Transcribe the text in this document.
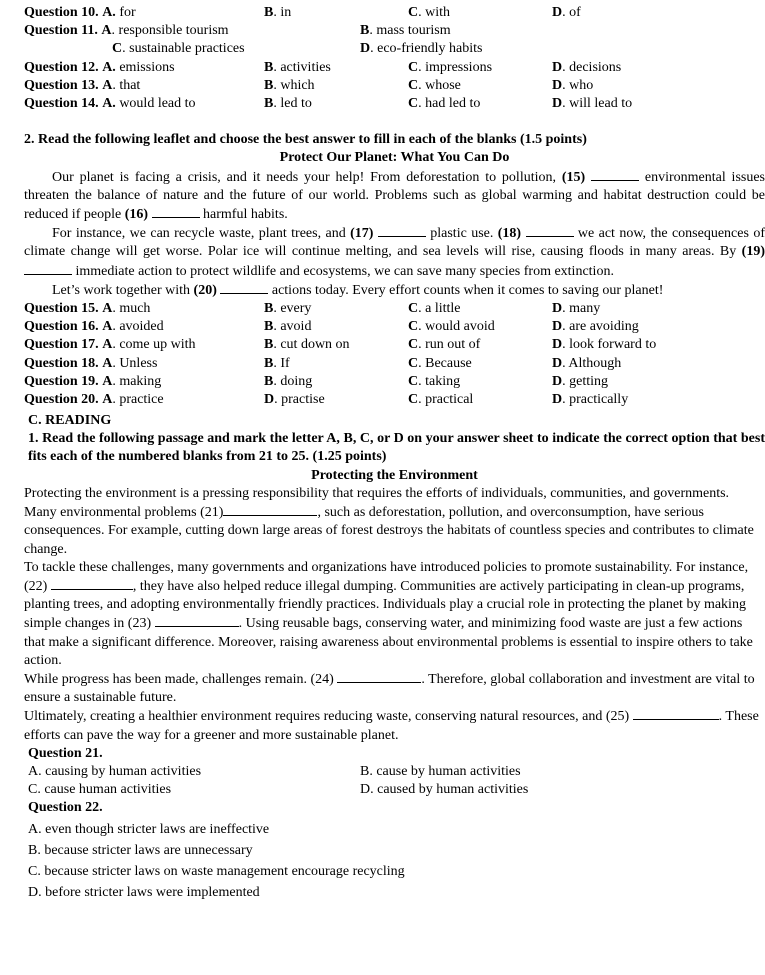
Question 10. A. for	B. in	C. with	D. of
Question 11. A. responsible tourism	B. mass tourism
C. sustainable practices	D. eco-friendly habits
Question 12. A. emissions	B. activities	C. impressions	D. decisions
Question 13. A. that	B. which	C. whose	D. who
Question 14. A. would lead to	B. led to	C. had led to	D. will lead to

2. Read the following leaflet and choose the best answer to fill in each of the blanks (1.5 points)

Protect Our Planet: What You Can Do

Our planet is facing a crisis, and it needs your help! From deforestation to pollution, (15)	environmental issues threaten the balance of nature and the future of our world. Problems such as global warming and habitat destruction could be reduced if people (16)	harmful habits.

For instance, we can recycle waste, plant trees, and (17)	plastic use. (18)	we act now, the consequences of climate change will get worse. Polar ice will continue melting, and sea levels will rise, causing floods in many areas. By (19)  immediate action to protect wildlife and ecosystems, we can save many species from extinction.

Let’s work together with (20)	actions today. Every effort counts when it comes to saving our planet!

Question 15. A. much	B. every	C. a little	D. many
Question 16. A. avoided	B. avoid	C. would avoid	D. are avoiding
Question 17. A. come up with	B. cut down on	C. run out of	D. look forward to
Question 18. A. Unless	B. If	C. Because	D. Although
Question 19. A. making	B. doing	C. taking	D. getting
Question 20. A. practice	D. practise	C. practical	D. practically

C. READING

1. Read the following passage and mark the letter A, B, C, or D on your answer sheet to indicate the correct option that best fits each of the numbered blanks from 21 to 25. (1.25 points)

Protecting the Environment

Protecting the environment is a pressing responsibility that requires the efforts of individuals, communities, and governments. Many environmental problems (21)	, such as deforestation, pollution, and overconsumption, have serious consequences. For example, cutting down large areas of forest destroys the habitats of countless species and contributes to climate change.

To tackle these challenges, many governments and organizations have introduced policies to promote sustainability. For instance, (22)	, they have also helped reduce illegal dumping. Communities are actively participating in clean-up programs, planting trees, and adopting environmentally friendly practices. Individuals play a crucial role in protecting the planet by making simple changes in (23)	. Using reusable bags, conserving water, and minimizing food waste are just a few actions that make a significant difference. Moreover, raising awareness about environmental problems is essential to inspire others to take action.

While progress has been made, challenges remain. (24)	. Therefore, global collaboration and investment are vital to ensure a sustainable future.

Ultimately, creating a healthier environment requires reducing waste, conserving natural resources, and (25)	. These efforts can pave the way for a greener and more sustainable planet.

Question 21.

A. causing by human activities	B. cause by human activities
C. cause human activities	D. caused by human activities

Question 22.

A. even though stricter laws are ineffective

B. because stricter laws are unnecessary

C. because stricter laws on waste management encourage recycling

D. before stricter laws were implemented
